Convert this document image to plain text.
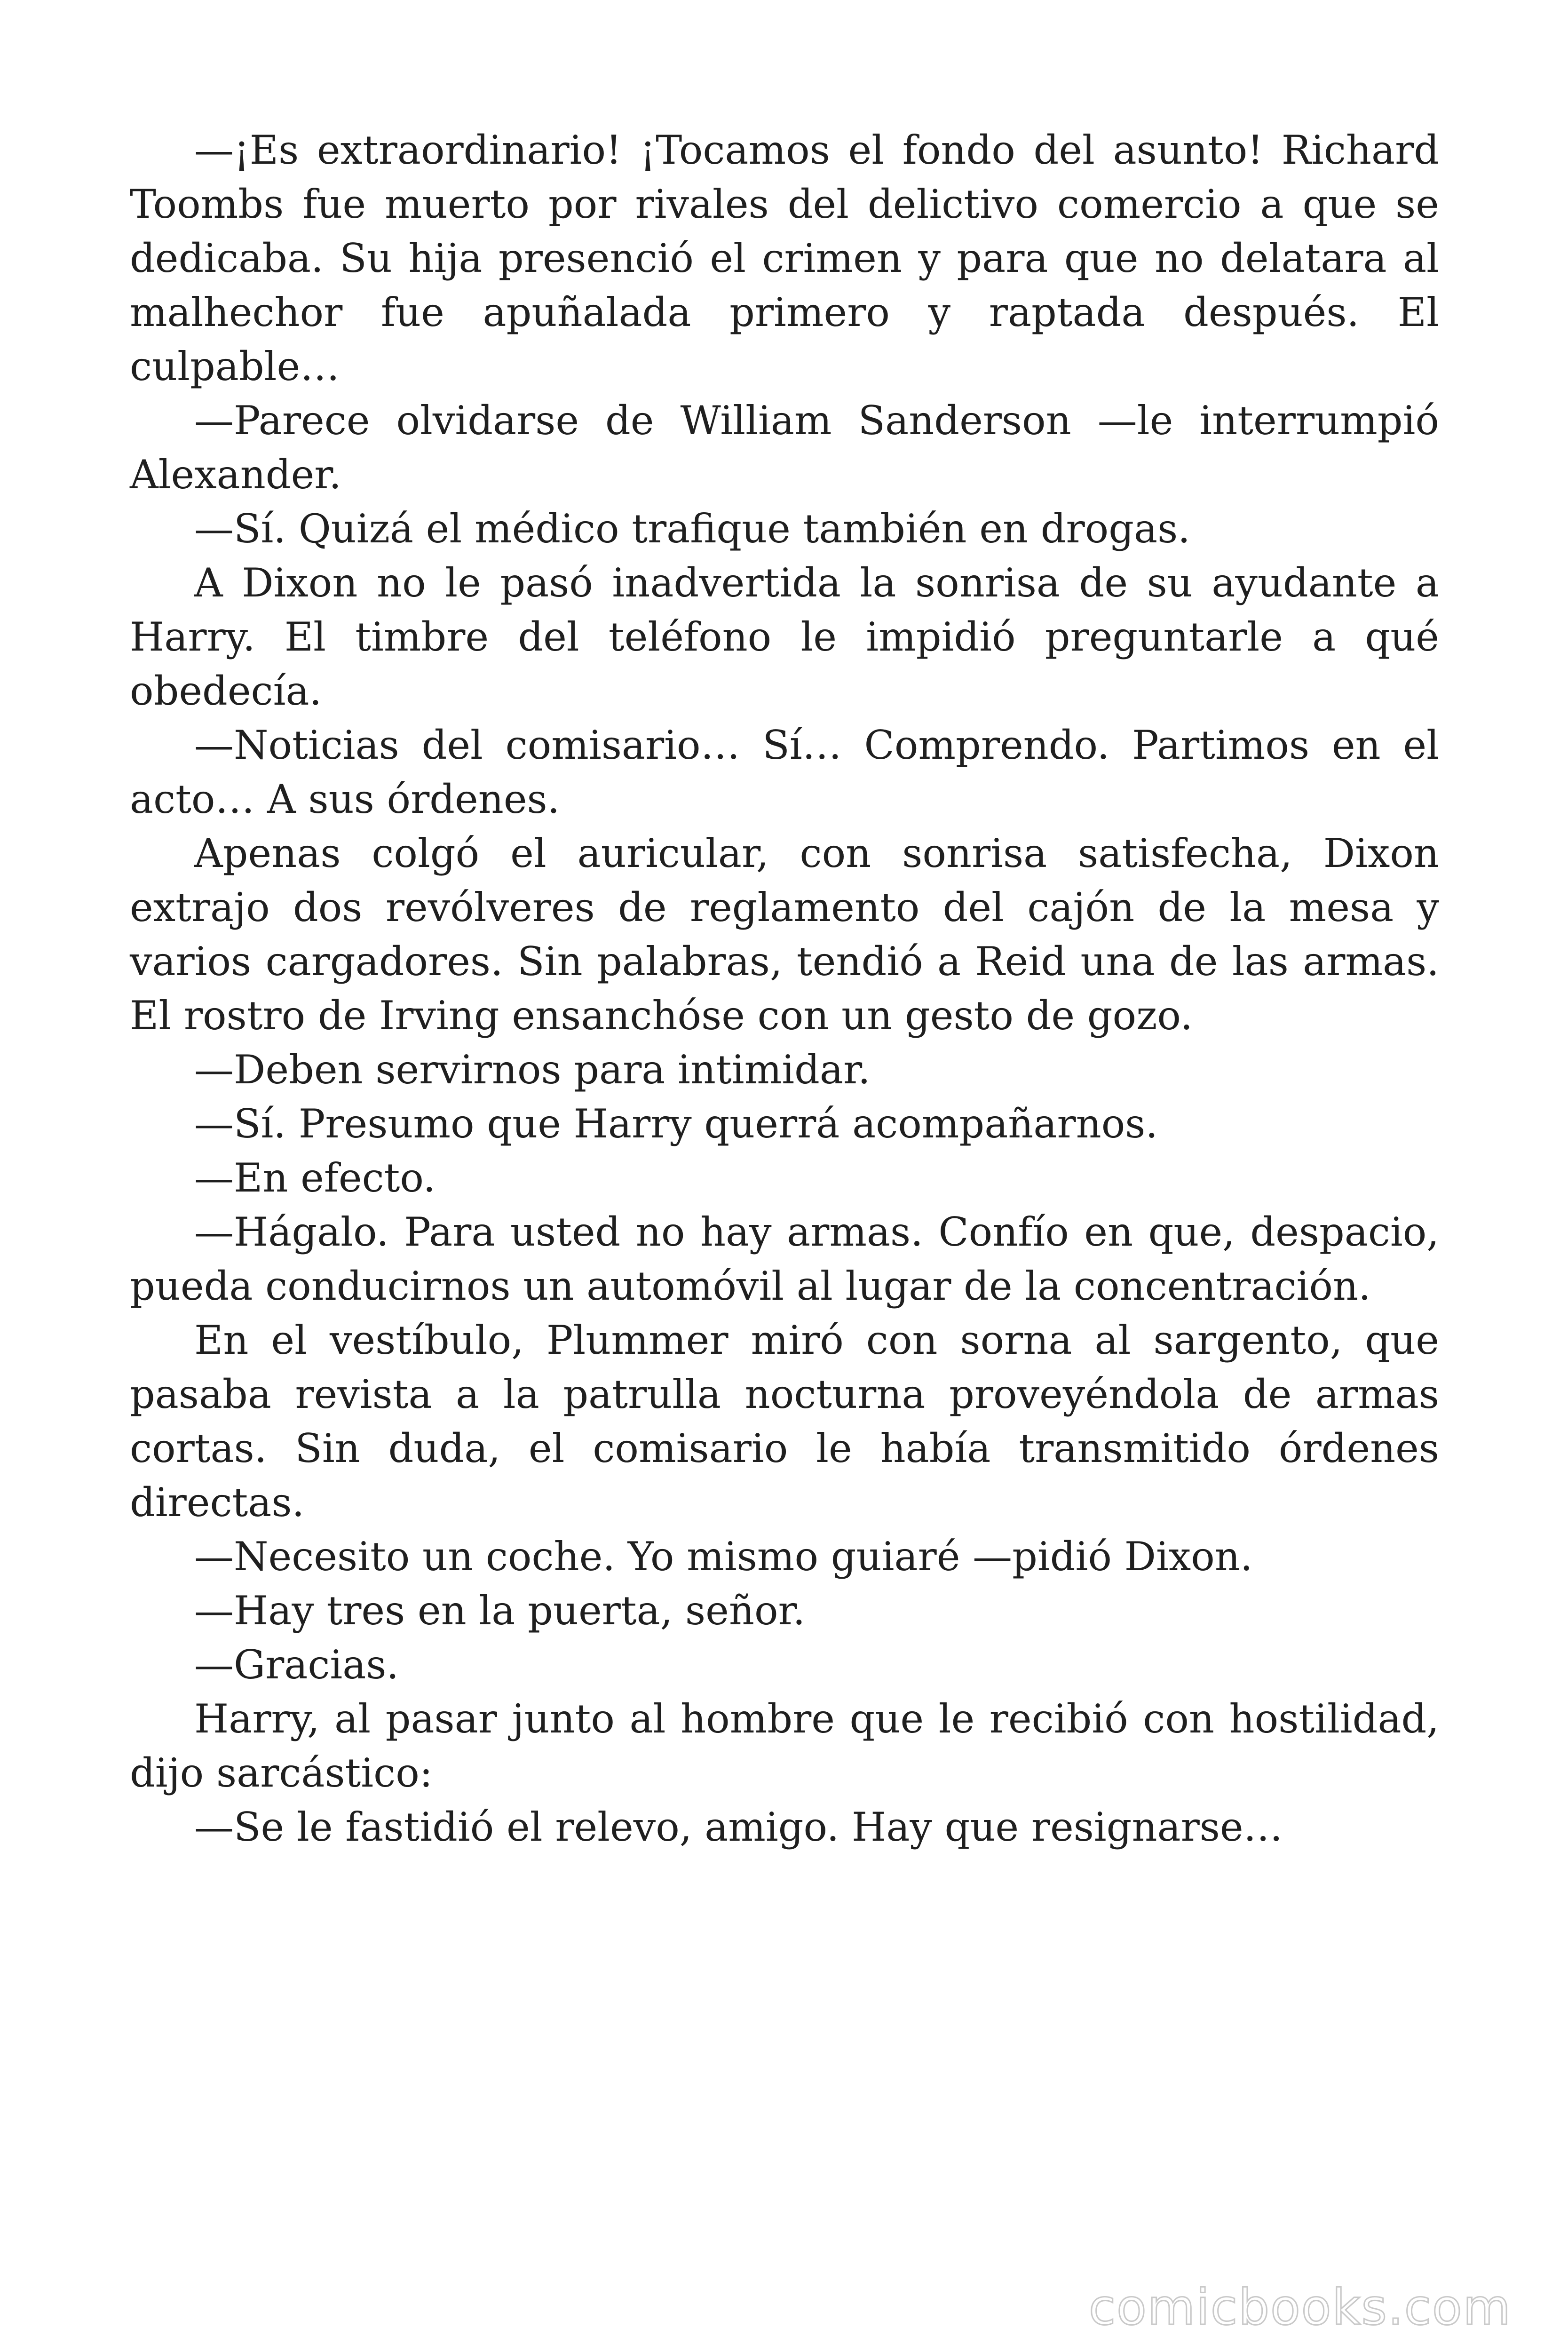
—¡Es extraordinario! ¡Tocamos el fondo del asunto! Richard Toombs fue muerto por rivales del delictivo comercio a que se dedicaba. Su hija presenció el crimen y para que no delatara al malhechor fue apuñalada primero y raptada después. El culpable…

—Parece olvidarse de William Sanderson —le interrumpió Alexander.

—Sí. Quizá el médico trafique también en drogas.

A Dixon no le pasó inadvertida la sonrisa de su ayudante a Harry. El timbre del teléfono le impidió preguntarle a qué obedecía.

—Noticias del comisario… Sí… Comprendo. Partimos en el acto… A sus órdenes.

Apenas colgó el auricular, con sonrisa satisfecha, Dixon extrajo dos revólveres de reglamento del cajón de la mesa y varios cargadores. Sin palabras, tendió a Reid una de las armas. El rostro de Irving ensanchóse con un gesto de gozo.

—Deben servirnos para intimidar.

—Sí. Presumo que Harry querrá acompañarnos.

—En efecto.

—Hágalo. Para usted no hay armas. Confío en que, despacio, pueda conducirnos un automóvil al lugar de la concentración.

En el vestíbulo, Plummer miró con sorna al sargento, que pasaba revista a la patrulla nocturna proveyéndola de armas cortas. Sin duda, el comisario le había transmitido órdenes directas.

—Necesito un coche. Yo mismo guiaré —pidió Dixon.

—Hay tres en la puerta, señor.

—Gracias.

Harry, al pasar junto al hombre que le recibió con hostilidad, dijo sarcástico:

—Se le fastidió el relevo, amigo. Hay que resignarse…

comicbooks.com
